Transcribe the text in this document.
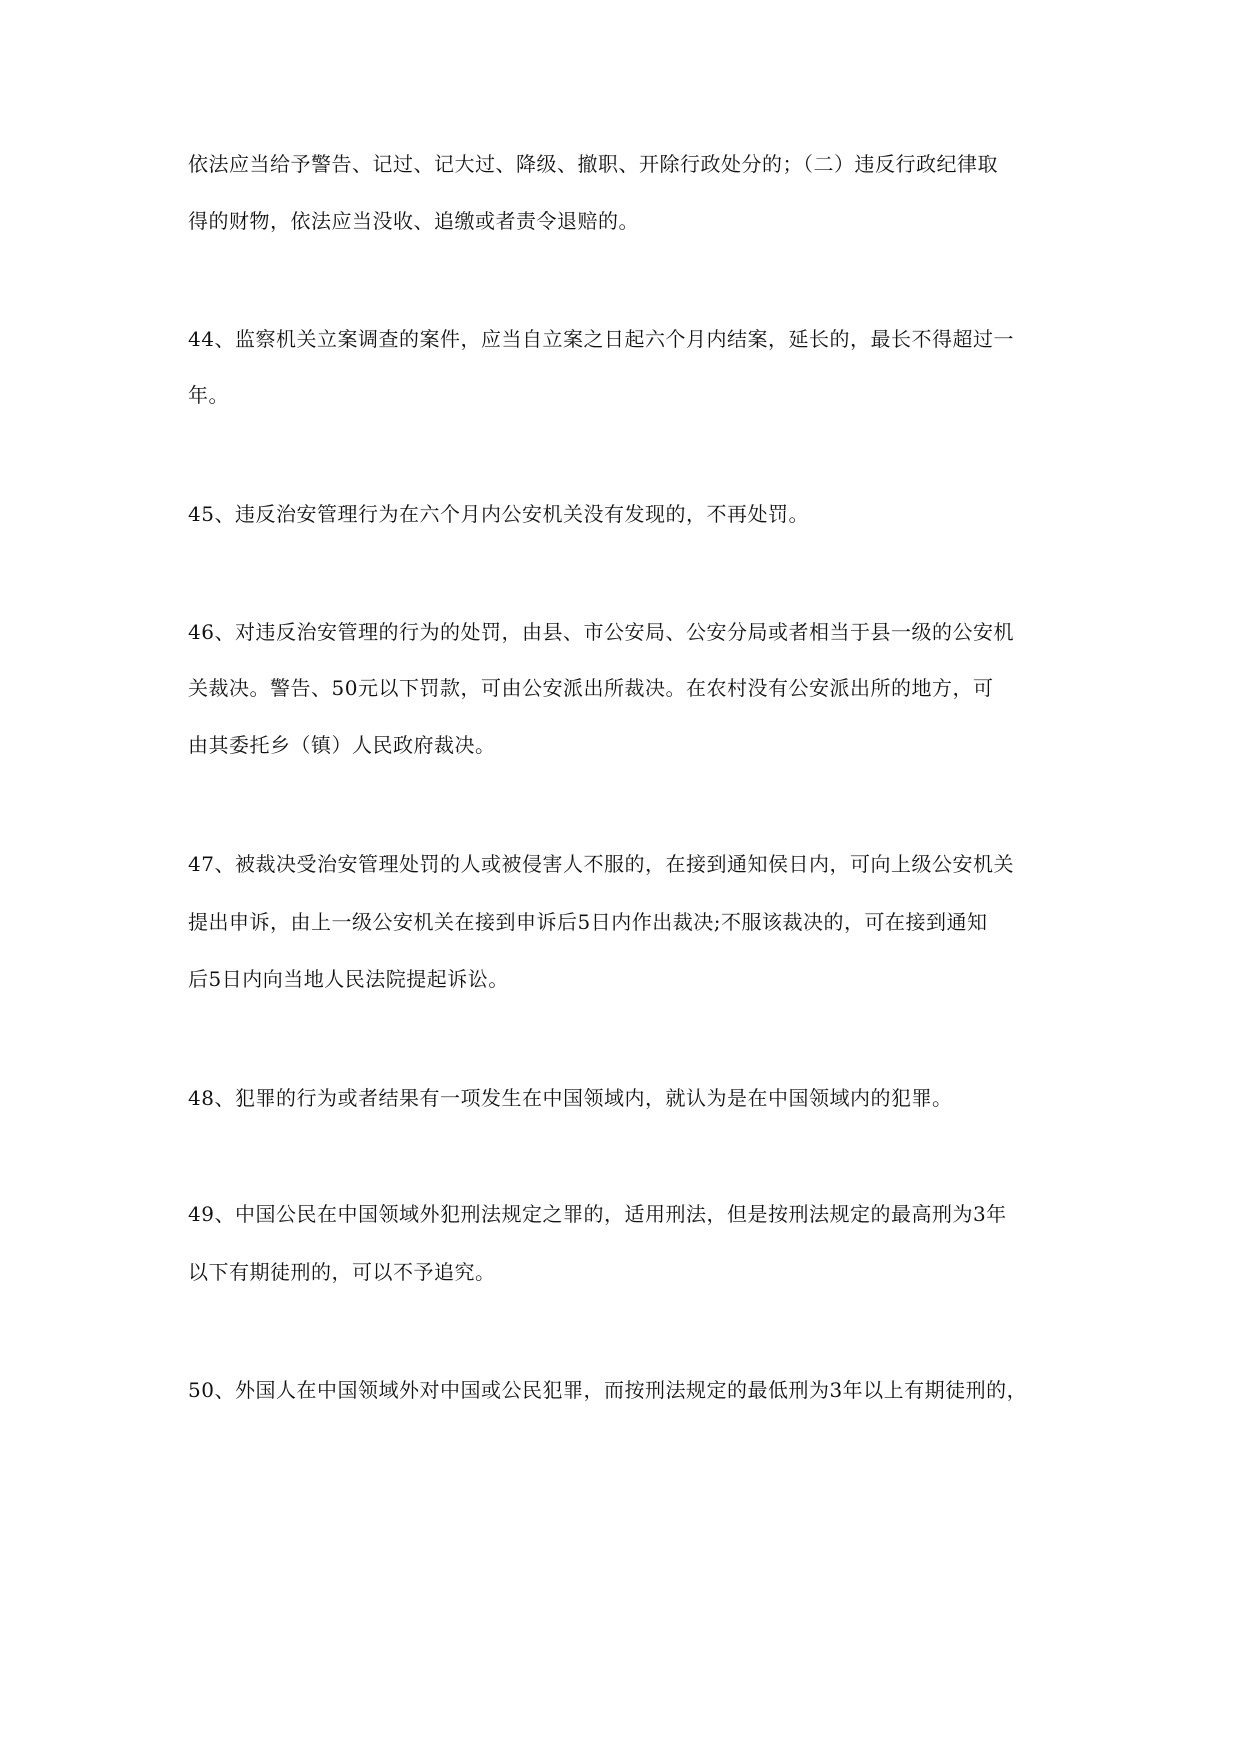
依法应当给予警告、记过、记大过、降级、撤职、开除行政处分的；（二）违反行政纪律取
得的财物，依法应当没收、追缴或者责令退赔的。
44、监察机关立案调查的案件，应当自立案之日起六个月内结案，延长的，最长不得超过一
年。
45、违反治安管理行为在六个月内公安机关没有发现的，不再处罚。
46、对违反治安管理的行为的处罚，由县、市公安局、公安分局或者相当于县一级的公安机
关裁决。警告、50元以下罚款，可由公安派出所裁决。在农村没有公安派出所的地方，可
由其委托乡（镇）人民政府裁决。
47、被裁决受治安管理处罚的人或被侵害人不服的，在接到通知侯日内，可向上级公安机关
提出申诉，由上一级公安机关在接到申诉后5日内作出裁决;不服该裁决的，可在接到通知
后5日内向当地人民法院提起诉讼。
48、犯罪的行为或者结果有一项发生在中国领域内，就认为是在中国领域内的犯罪。
49、中国公民在中国领域外犯刑法规定之罪的，适用刑法，但是按刑法规定的最高刑为3年
以下有期徒刑的，可以不予追究。
50、外国人在中国领域外对中国或公民犯罪，而按刑法规定的最低刑为3年以上有期徒刑的，
